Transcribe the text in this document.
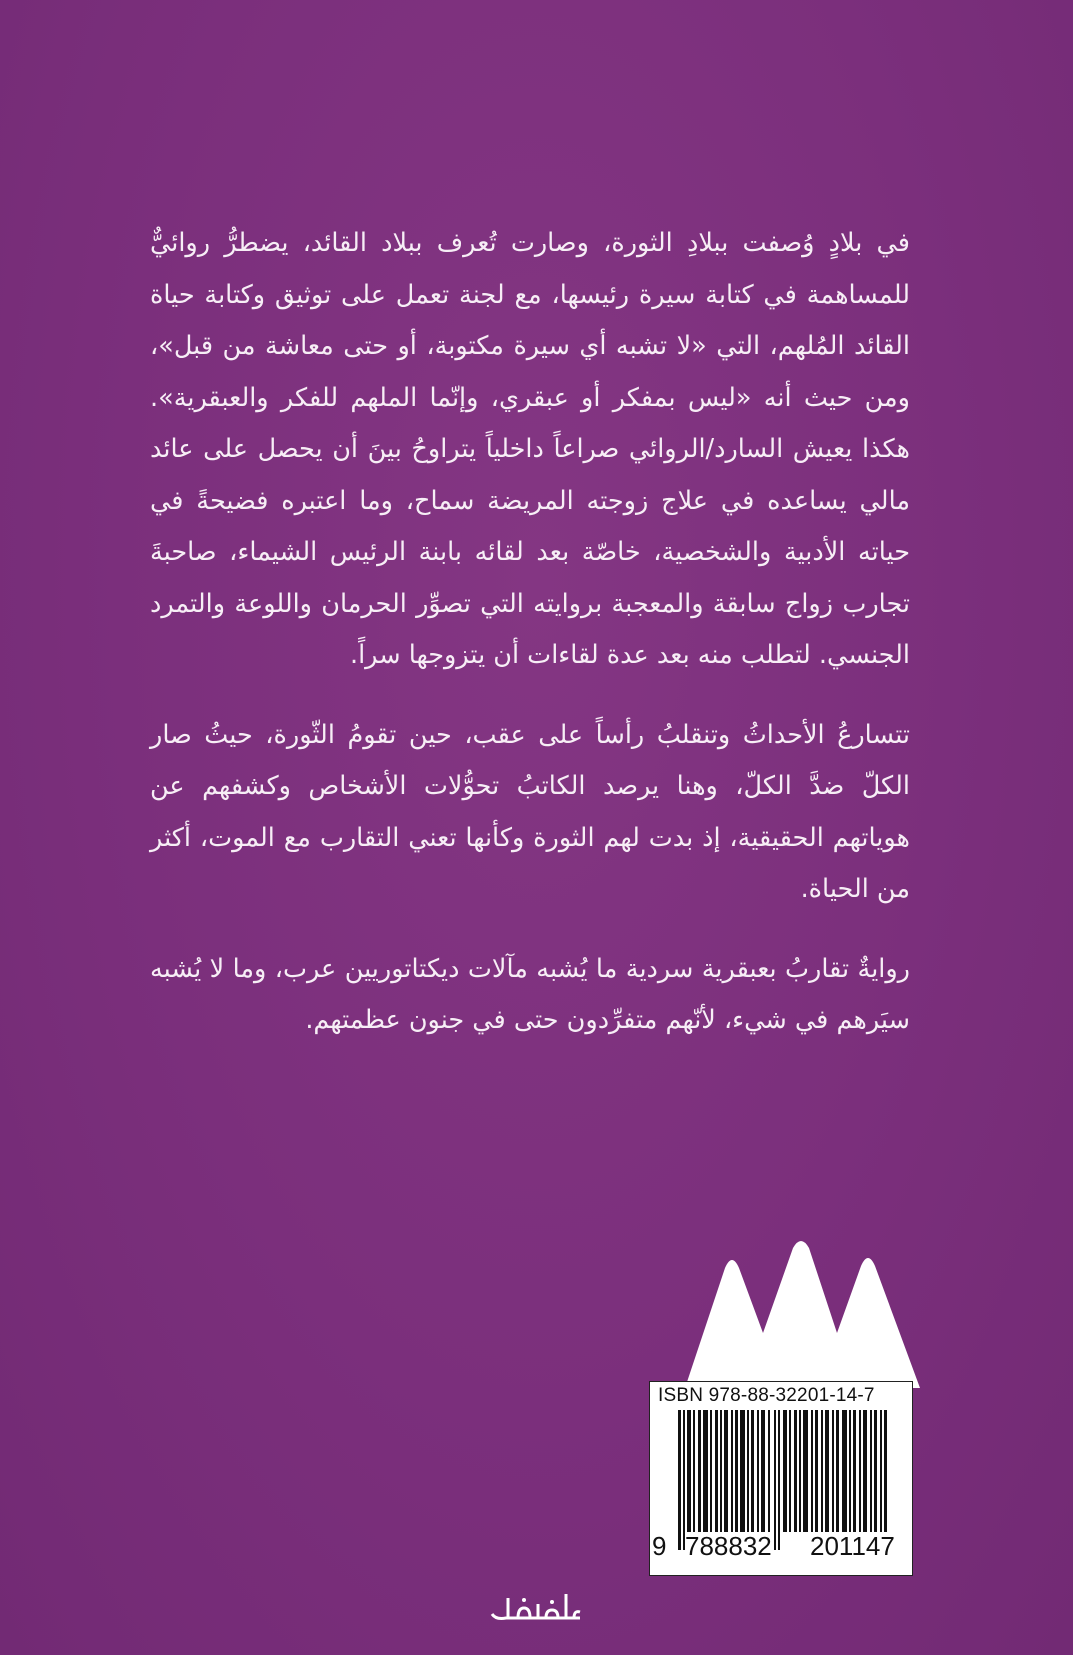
في بلادٍ وُصفت ببلادِ الثورة، وصارت تُعرف ببلاد القائد، يضطرُّ روائيٌّ للمساهمة في كتابة سيرة رئيسها، مع لجنة تعمل على توثيق وكتابة حياة القائد المُلهم، التي «لا تشبه أي سيرة مكتوبة، أو حتى معاشة من قبل»، ومن حيث أنه «ليس بمفكر أو عبقري، وإنّما الملهم للفكر والعبقرية». هكذا يعيش السارد/الروائي صراعاً داخلياً يتراوحُ بينَ أن يحصل على عائد مالي يساعده في علاج زوجته المريضة سماح، وما اعتبره فضيحةً في حياته الأدبية والشخصية، خاصّة بعد لقائه بابنة الرئيس الشيماء، صاحبةَ تجارب زواج سابقة والمعجبة بروايته التي تصوِّر الحرمان واللوعة والتمرد الجنسي. لتطلب منه بعد عدة لقاءات أن يتزوجها سراً.

تتسارعُ الأحداثُ وتنقلبُ رأساً على عقب، حين تقومُ الثّورة، حيثُ صار الكلّ ضدَّ الكلّ، وهنا يرصد الكاتبُ تحوُّلات الأشخاص وكشفهم عن هوياتهم الحقيقية، إذ بدت لهم الثورة وكأنها تعني التقارب مع الموت، أكثر من الحياة.

روايةٌ تقاربُ بعبقرية سردية ما يُشبه مآلات ديكتاتوريين عرب، وما لا يُشبه سيَرهم في شيء، لأنّهم متفرِّدون حتى في جنون عظمتهم.

ISBN 978-88-32201-14-7
9 788832 201147
